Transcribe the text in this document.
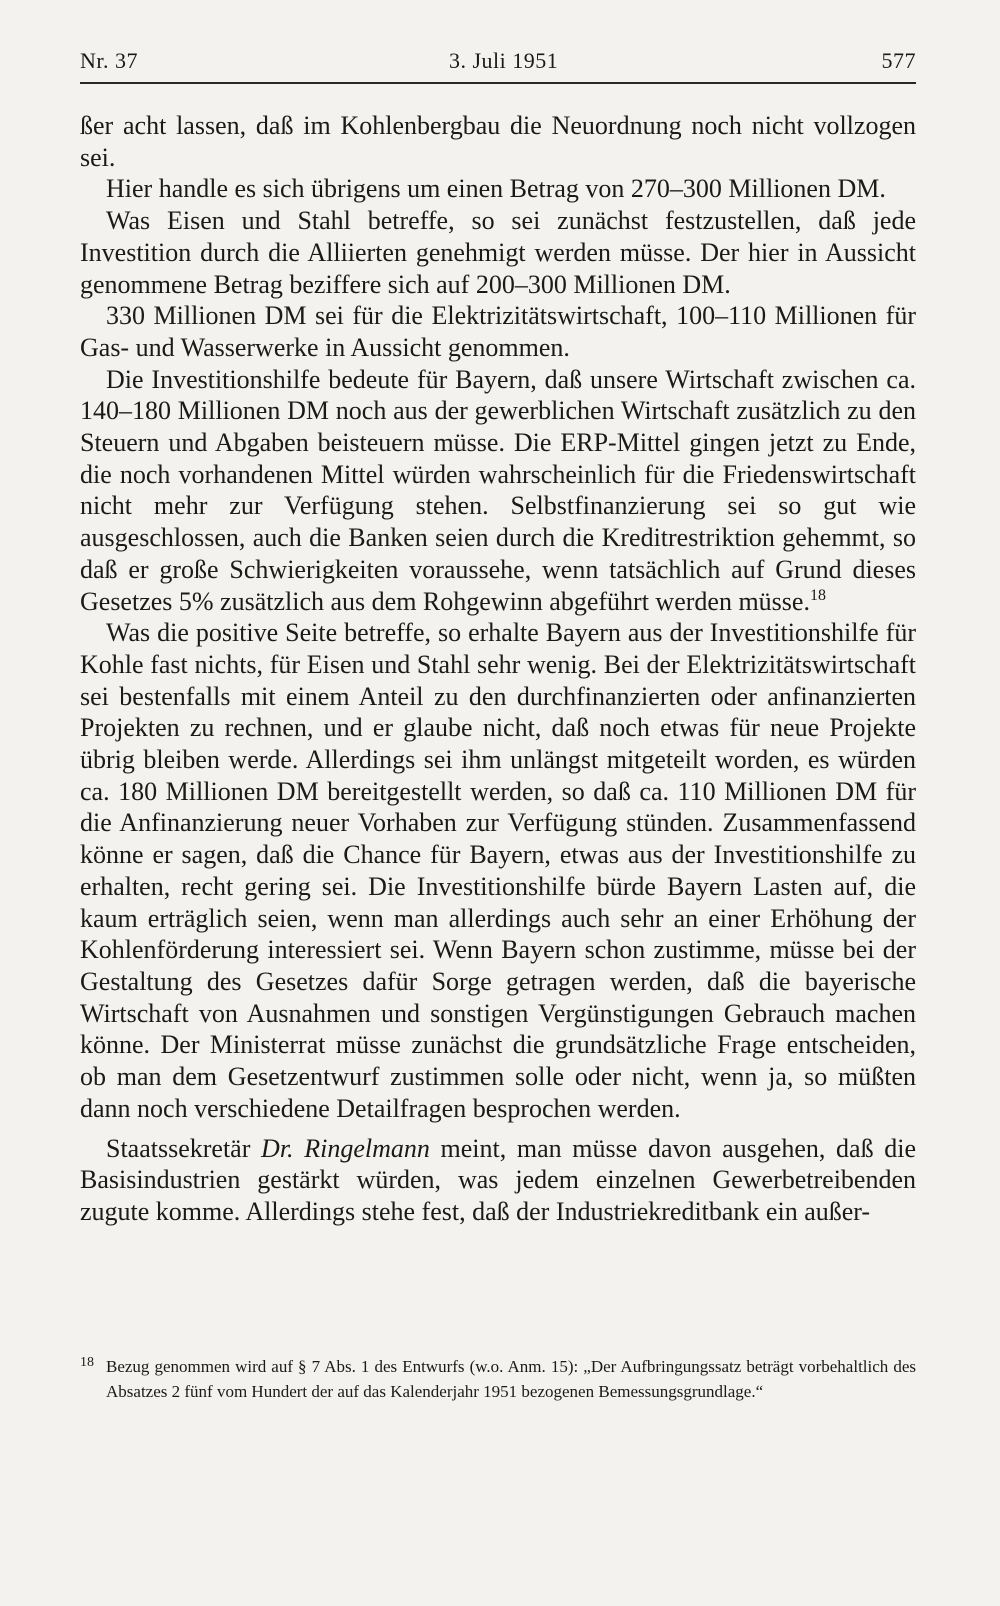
Nr. 37	3. Juli 1951	577

ßer acht lassen, daß im Kohlenbergbau die Neuordnung noch nicht vollzogen sei.

Hier handle es sich übrigens um einen Betrag von 270–300 Millionen DM.

Was Eisen und Stahl betreffe, so sei zunächst festzustellen, daß jede Investition durch die Alliierten genehmigt werden müsse. Der hier in Aussicht genommene Betrag beziffere sich auf 200–300 Millionen DM.

330 Millionen DM sei für die Elektrizitätswirtschaft, 100–110 Millionen für Gas- und Wasserwerke in Aussicht genommen.

Die Investitionshilfe bedeute für Bayern, daß unsere Wirtschaft zwischen ca. 140–180 Millionen DM noch aus der gewerblichen Wirtschaft zusätzlich zu den Steuern und Abgaben beisteuern müsse. Die ERP-Mittel gingen jetzt zu Ende, die noch vorhandenen Mittel würden wahrscheinlich für die Friedenswirtschaft nicht mehr zur Verfügung stehen. Selbstfinanzierung sei so gut wie ausgeschlossen, auch die Banken seien durch die Kreditrestriktion gehemmt, so daß er große Schwierigkeiten voraussehe, wenn tatsächlich auf Grund dieses Gesetzes 5% zusätzlich aus dem Rohgewinn abgeführt werden müsse.$^{18}$

Was die positive Seite betreffe, so erhalte Bayern aus der Investitionshilfe für Kohle fast nichts, für Eisen und Stahl sehr wenig. Bei der Elektrizitätswirtschaft sei bestenfalls mit einem Anteil zu den durchfinanzierten oder anfinanzierten Projekten zu rechnen, und er glaube nicht, daß noch etwas für neue Projekte übrig bleiben werde. Allerdings sei ihm unlängst mitgeteilt worden, es würden ca. 180 Millionen DM bereitgestellt werden, so daß ca. 110 Millionen DM für die Anfinanzierung neuer Vorhaben zur Verfügung stünden. Zusammenfassend könne er sagen, daß die Chance für Bayern, etwas aus der Investitionshilfe zu erhalten, recht gering sei. Die Investitionshilfe bürde Bayern Lasten auf, die kaum erträglich seien, wenn man allerdings auch sehr an einer Erhöhung der Kohlenförderung interessiert sei. Wenn Bayern schon zustimme, müsse bei der Gestaltung des Gesetzes dafür Sorge getragen werden, daß die bayerische Wirtschaft von Ausnahmen und sonstigen Vergünstigungen Gebrauch machen könne. Der Ministerrat müsse zunächst die grundsätzliche Frage entscheiden, ob man dem Gesetzentwurf zustimmen solle oder nicht, wenn ja, so müßten dann noch verschiedene Detailfragen besprochen werden.

Staatssekretär Dr. Ringelmann meint, man müsse davon ausgehen, daß die Basisindustrien gestärkt würden, was jedem einzelnen Gewerbetreibenden zugute komme. Allerdings stehe fest, daß der Industriekreditbank ein außer-

18 Bezug genommen wird auf § 7 Abs. 1 des Entwurfs (w.o. Anm. 15): „Der Aufbringungssatz beträgt vorbehaltlich des Absatzes 2 fünf vom Hundert der auf das Kalenderjahr 1951 bezogenen Bemessungsgrundlage.“
